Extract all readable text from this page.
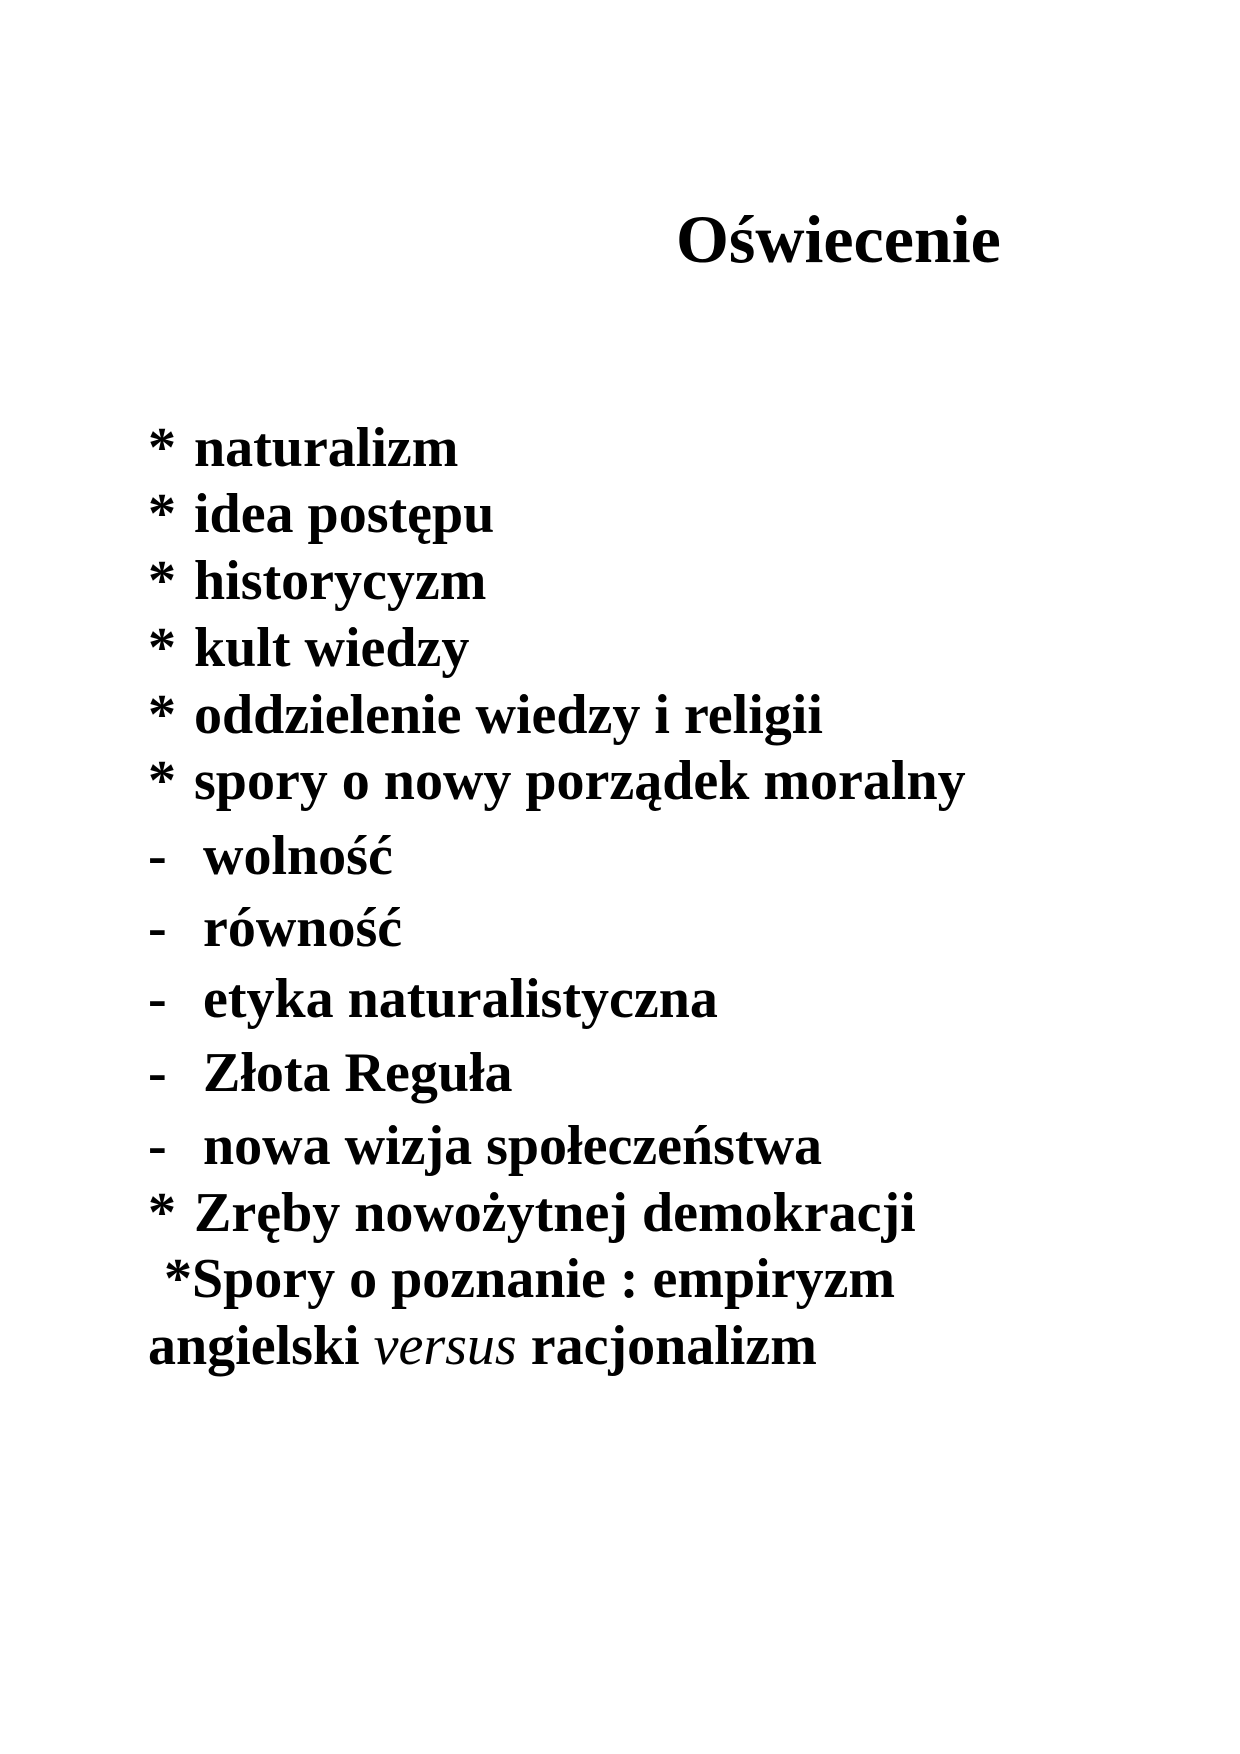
Oświecenie
* naturalizm
* idea postępu
* historycyzm
* kult wiedzy
* oddzielenie wiedzy i religii
* spory o nowy porządek moralny
- wolność
- równość
- etyka naturalistyczna
- Złota Reguła
- nowa wizja społeczeństwa
* Zręby nowożytnej demokracji
*Spory o poznanie : empiryzm
angielski versus racjonalizm
